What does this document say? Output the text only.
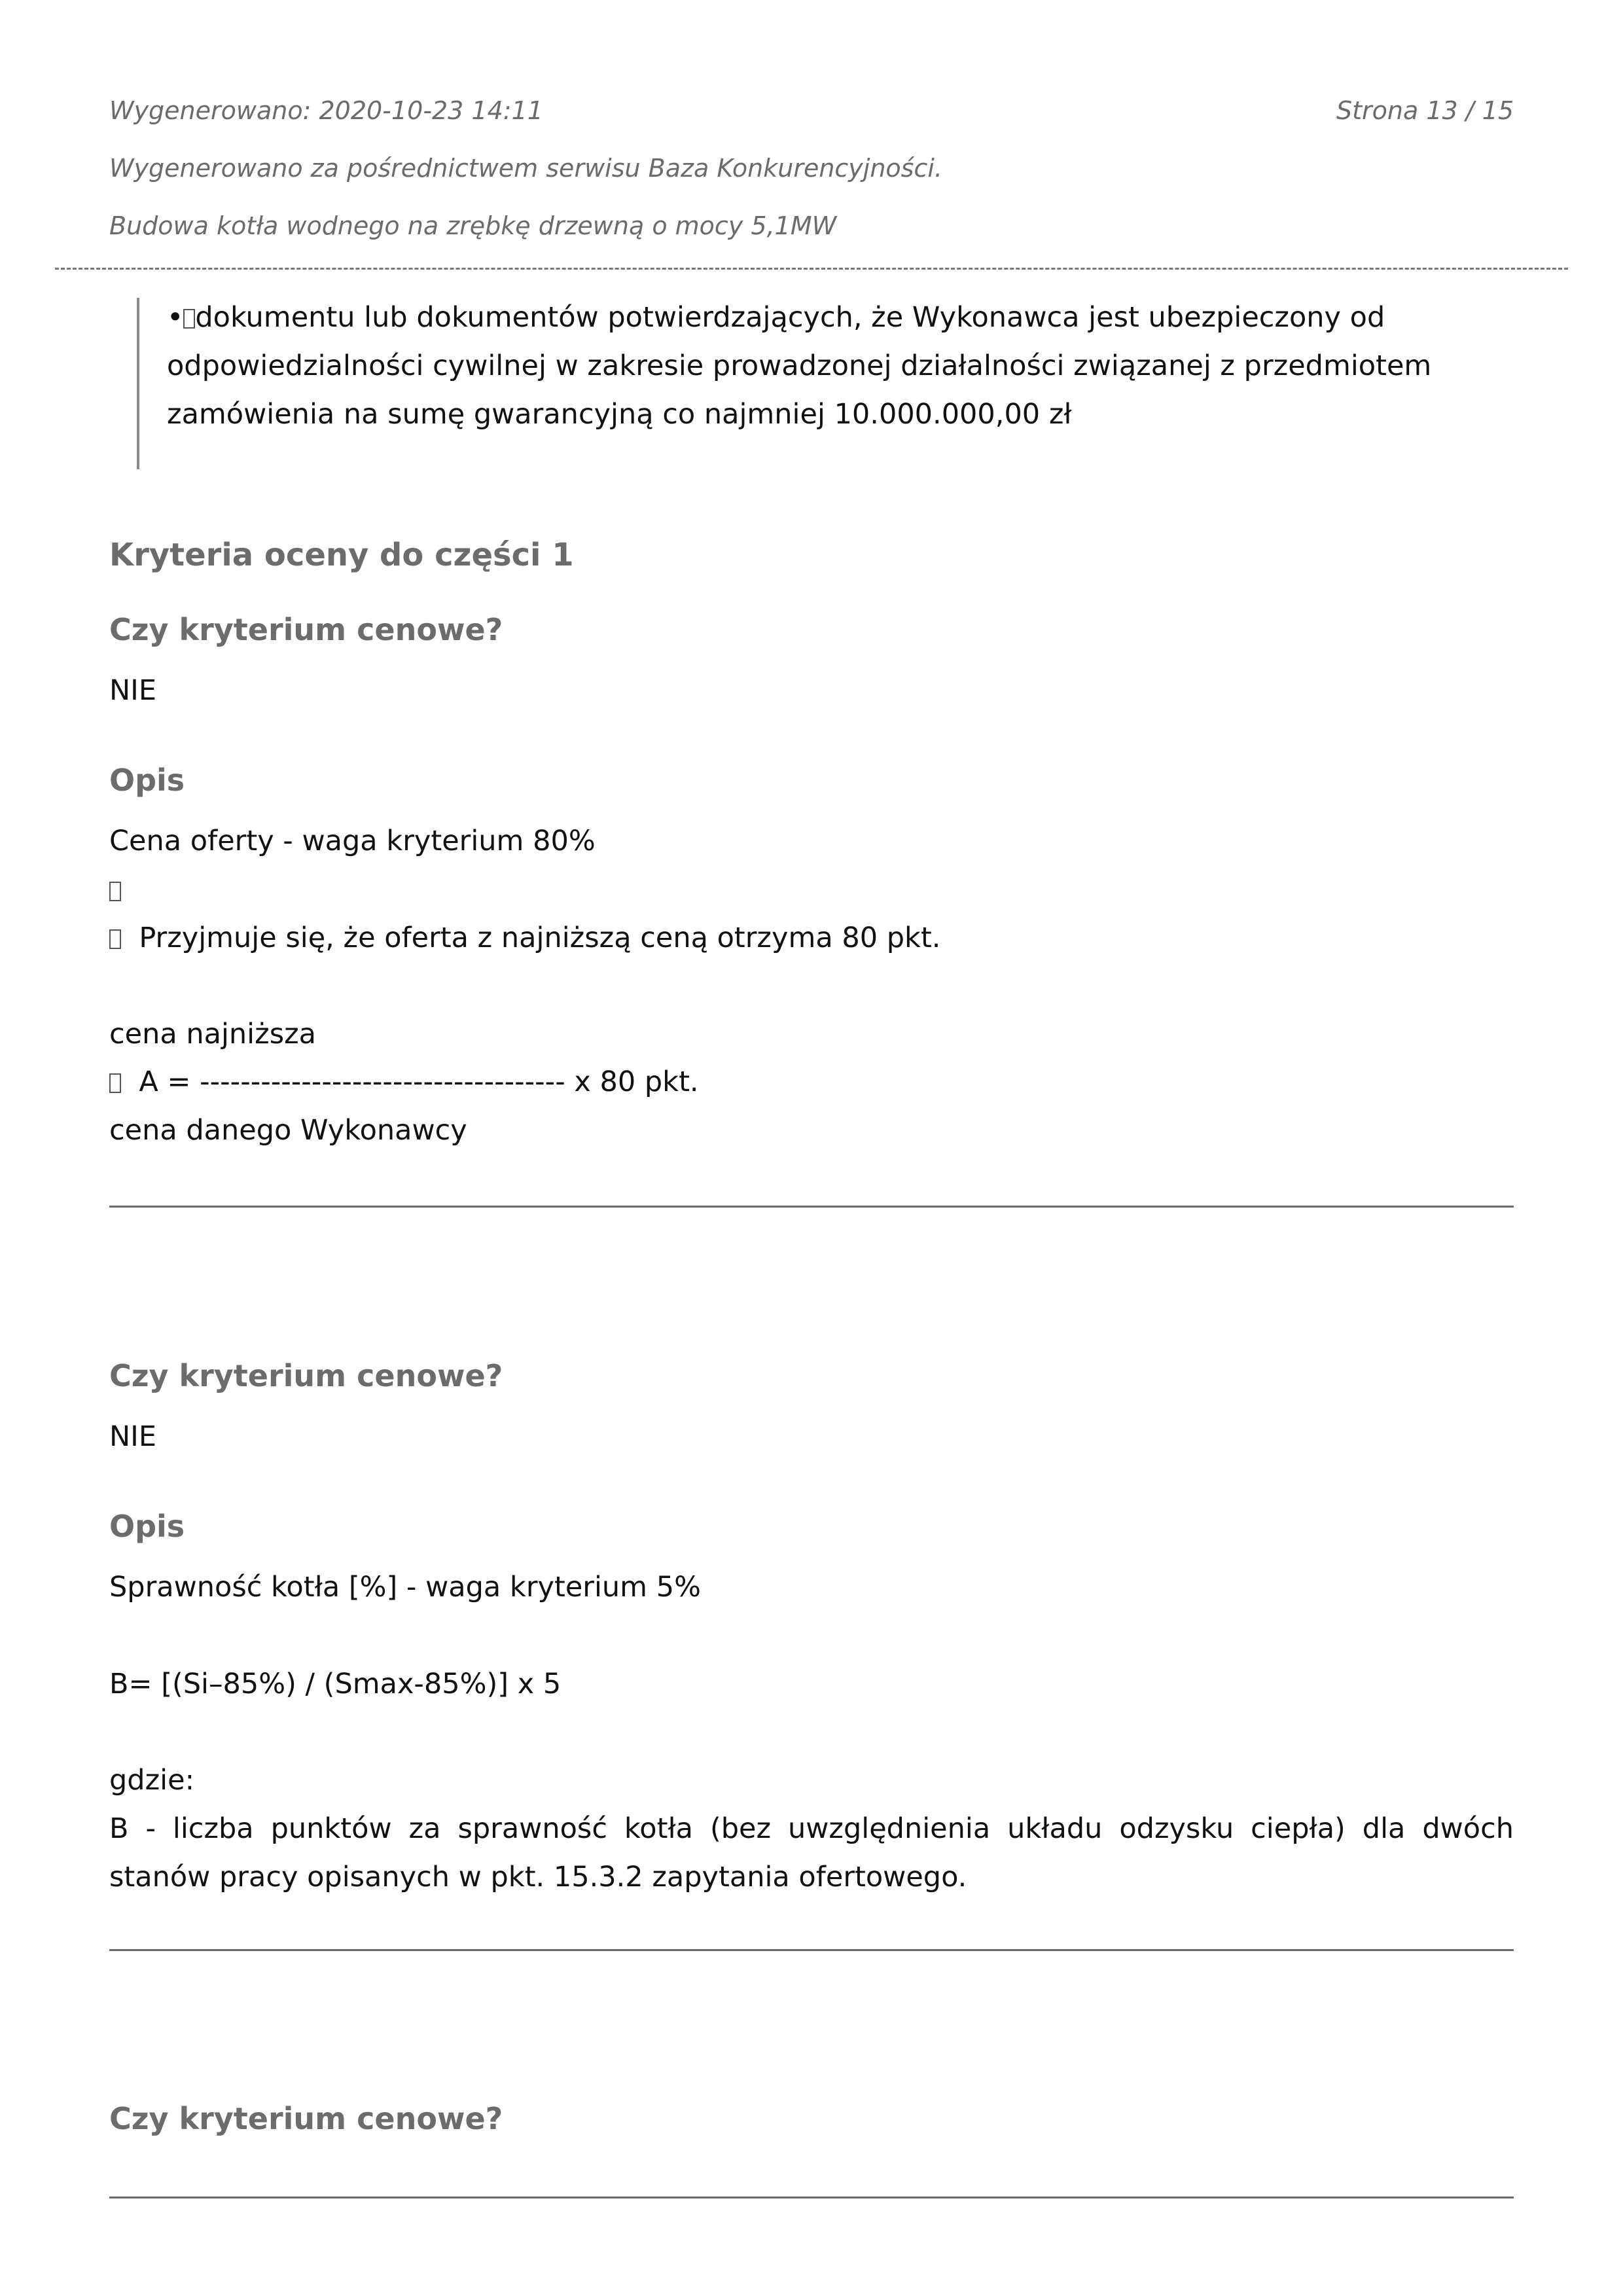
Wygenerowano: 2020-10-23 14:11	Strona 13 / 15
Wygenerowano za pośrednictwem serwisu Baza Konkurencyjności.
Budowa kotła wodnego na zrębkę drzewną o mocy 5,1MW
• dokumentu lub dokumentów potwierdzających, że Wykonawca jest ubezpieczony od odpowiedzialności cywilnej w zakresie prowadzonej działalności związanej z przedmiotem zamówienia na sumę gwarancyjną co najmniej 10.000.000,00 zł
Kryteria oceny do części 1
Czy kryterium cenowe?
NIE
Opis
Cena oferty - waga kryterium 80%
Przyjmuje się, że oferta z najniższą ceną otrzyma 80 pkt.
cena najniższa
A = ------------------------------------ x 80 pkt.
cena danego Wykonawcy
Czy kryterium cenowe?
NIE
Opis
Sprawność kotła [%] - waga kryterium 5%
B= [(Si–85%) / (Smax-85%)] x 5
gdzie:
B - liczba punktów za sprawność kotła (bez uwzględnienia układu odzysku ciepła) dla dwóch stanów pracy opisanych w pkt. 15.3.2 zapytania ofertowego.
Czy kryterium cenowe?
